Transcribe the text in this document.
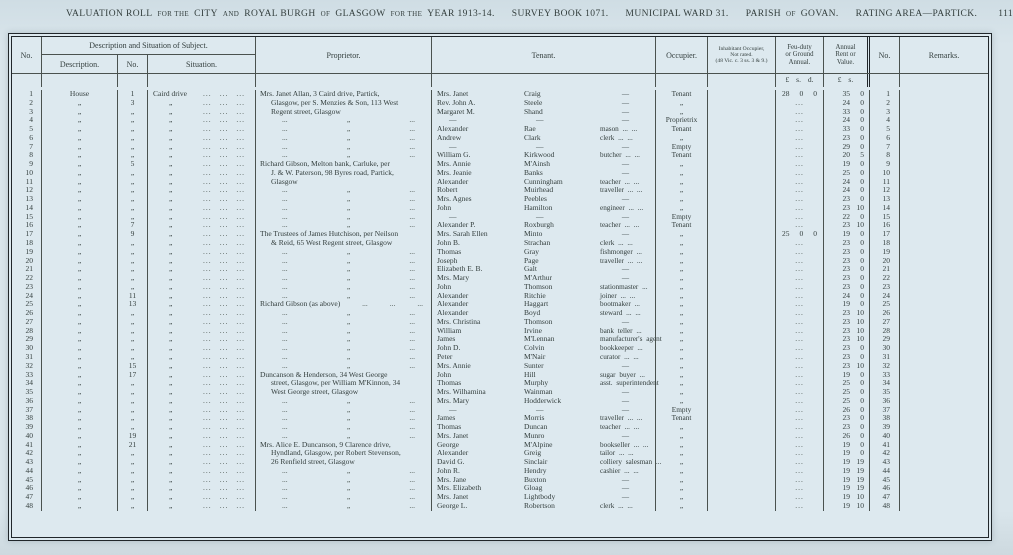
VALUATION ROLL FOR THE CITY AND ROYAL BURGH OF GLASGOW FOR THE YEAR 1913-14. SURVEY BOOK 1071. MUNICIPAL WARD 31. PARISH OF GOVAN. RATING AREA—PARTICK. 111
No.
Description and Situation of Subject.
Description.	No.	Situation.
Proprietor.	Tenant.	Occupier.
Inhabitant Occupier,
Not rated.
(48 Vic. c. 3 ss. 3 & 9.)
Feu-duty
or Ground
Annual.
Annual
Rent or
Value.
No.	Remarks.
£ s. d.	£ s.
1	House	1	Caird drive	...	...	...	Mrs. Janet Allan, 3 Caird drive, Partick,	Mrs. Janet	Craig	—	Tenant	28 0 0	35	0	1
2	„	3	„	...	...	...	Glasgow, per S. Menzies & Son, 113 West	Rev. John A.	Steele	—	„	...	24	0	2
3	„	„	„	...	...	...	Regent street, Glasgow	Margaret M.	Shand	—	„	...	33	0	3
4	„	„	„	...	...	...	...	„	...	—	—	—	Proprietrix	...	24	0	4
5	„	„	„	...	...	...	...	„	...	Alexander	Rae	mason ... ...	Tenant	...	33	0	5
6	„	„	„	...	...	...	...	„	...	Andrew	Clark	clerk ... ...	„	...	23	0	6
7	„	„	„	...	...	...	...	„	...	—	—	—	Empty	...	29	0	7
8	„	„	„	...	...	...	...	„	...	William G.	Kirkwood	butcher ... ...	Tenant	...	20	5	8
9	„	5	„	...	...	...	Richard Gibson, Melton bank, Carluke, per	Mrs. Annie	M'Ainsh	—	„	...	19	0	9
10	„	„	„	...	...	...	J. & W. Paterson, 98 Byres road, Partick,	Mrs. Jeanie	Banks	—	„	...	25	0	10
11	„	„	„	...	...	...	Glasgow	Alexander	Cunningham	teacher ... ...	„	...	24	0	11
12	„	„	„	...	...	...	...	„	...	Robert	Muirhead	traveller ... ...	„	...	24	0	12
13	„	„	„	...	...	...	...	„	...	Mrs. Agnes	Peebles	—	„	...	23	0	13
14	„	„	„	...	...	...	...	„	...	John	Hamilton	engineer ... ...	„	...	23 10	14
15	„	„	„	...	...	...	...	„	...	—	—	—	Empty	...	22	0	15
16	„	7	„	...	...	...	...	„	...	Alexander P.	Roxburgh	teacher ... ...	Tenant	...	23 10	16
17	„	9	„	...	...	...	The Trustees of James Hutchison, per Neilson	Mrs. Sarah Ellen	Minto	—	„	25 0 0	19	0	17
18	„	„	„	...	...	...	& Reid, 65 West Regent street, Glasgow	John B.	Strachan	clerk ... ...	„	...	23	0	18
19	„	„	„	...	...	...	...	„	...	Thomas	Gray	fishmonger ...	„	...	23	0	19
20	„	„	„	...	...	...	...	„	...	Joseph	Page	traveller ... ...	„	...	23	0	20
21	„	„	„	...	...	...	...	„	...	Elizabeth E. B.	Galt	—	„	...	23	0	21
22	„	„	„	...	...	...	...	„	...	Mrs. Mary	M'Arthur	—	„	...	23	0	22
23	„	„	„	...	...	...	...	„	...	John	Thomson	stationmaster ...	„	...	23	0	23
24	„	11	„	...	...	...	...	„	...	Alexander	Ritchie	joiner ... ...	„	...	24	0	24
25	„	13	„	...	...	...	Richard Gibson (as above)	...	...	...	Alexander	Haggart	bootmaker ...	„	...	19	0	25
26	„	„	„	...	...	...	...	„	...	Alexander	Boyd	steward ... ...	„	...	23 10	26
27	„	„	„	...	...	...	...	„	...	Mrs. Christina	Thomson	—	„	...	23 10	27
28	„	„	„	...	...	...	...	„	...	William	Irvine	bank teller ...	„	...	23 10	28
29	„	„	„	...	...	...	...	„	...	James	M'Lennan	manufacturer's agent	„	...	23 10	29
30	„	„	„	...	...	...	...	„	...	John D.	Colvin	bookkeeper ...	„	...	23	0	30
31	„	„	„	...	...	...	...	„	...	Peter	M'Nair	curator ... ...	„	...	23	0	31
32	„	15	„	...	...	...	...	„	...	Mrs. Annie	Sunter	—	„	...	23 10	32
33	„	17	„	...	...	...	Duncanson & Henderson, 34 West George	John	Hill	sugar buyer ...	„	...	19	0	33
34	„	„	„	...	...	...	street, Glasgow, per William M'Kinnon, 34	Thomas	Murphy	asst. superintendent	„	...	25	0	34
35	„	„	„	...	...	...	West George street, Glasgow	Mrs. Wilhamina	Wainman	—	„	...	25	0	35
36	„	„	„	...	...	...	...	„	...	Mrs. Mary	Hodderwick	—	„	...	25	0	36
37	„	„	„	...	...	...	...	„	...	—	—	—	Empty	...	26	0	37
38	„	„	„	...	...	...	...	„	...	James	Morris	traveller ... ...	Tenant	...	23	0	38
39	„	„	„	...	...	...	...	„	...	Thomas	Duncan	teacher ... ...	„	...	23	0	39
40	„	19	„	...	...	...	...	„	...	Mrs. Janet	Munro	—	„	...	26	0	40
41	„	21	„	...	...	...	Mrs. Alice E. Duncanson, 9 Clarence drive,	George	M'Alpine	bookseller ... ...	„	...	19	0	41
42	„	„	„	...	...	...	Hyndland, Glasgow, per Robert Stevenson,	Alexander	Greig	tailor ... ...	„	...	19	0	42
43	„	„	„	...	...	...	26 Renfield street, Glasgow	David G.	Sinclair	colliery salesman ...	„	...	19 19	43
44	„	„	„	...	...	...	...	„	...	John R.	Hendry	cashier ... ...	„	...	19 19	44
45	„	„	„	...	...	...	...	„	...	Mrs. Jane	Buxton	—	„	...	19 19	45
46	„	„	„	...	...	...	...	„	...	Mrs. Elizabeth	Gloag	—	„	...	19 19	46
47	„	„	„	...	...	...	...	„	...	Mrs. Janet	Lightbody	—	„	...	19 10	47
48	„	„	„	...	...	...	...	„	...	George L.	Robertson	clerk ... ...	„	...	19 10	48
